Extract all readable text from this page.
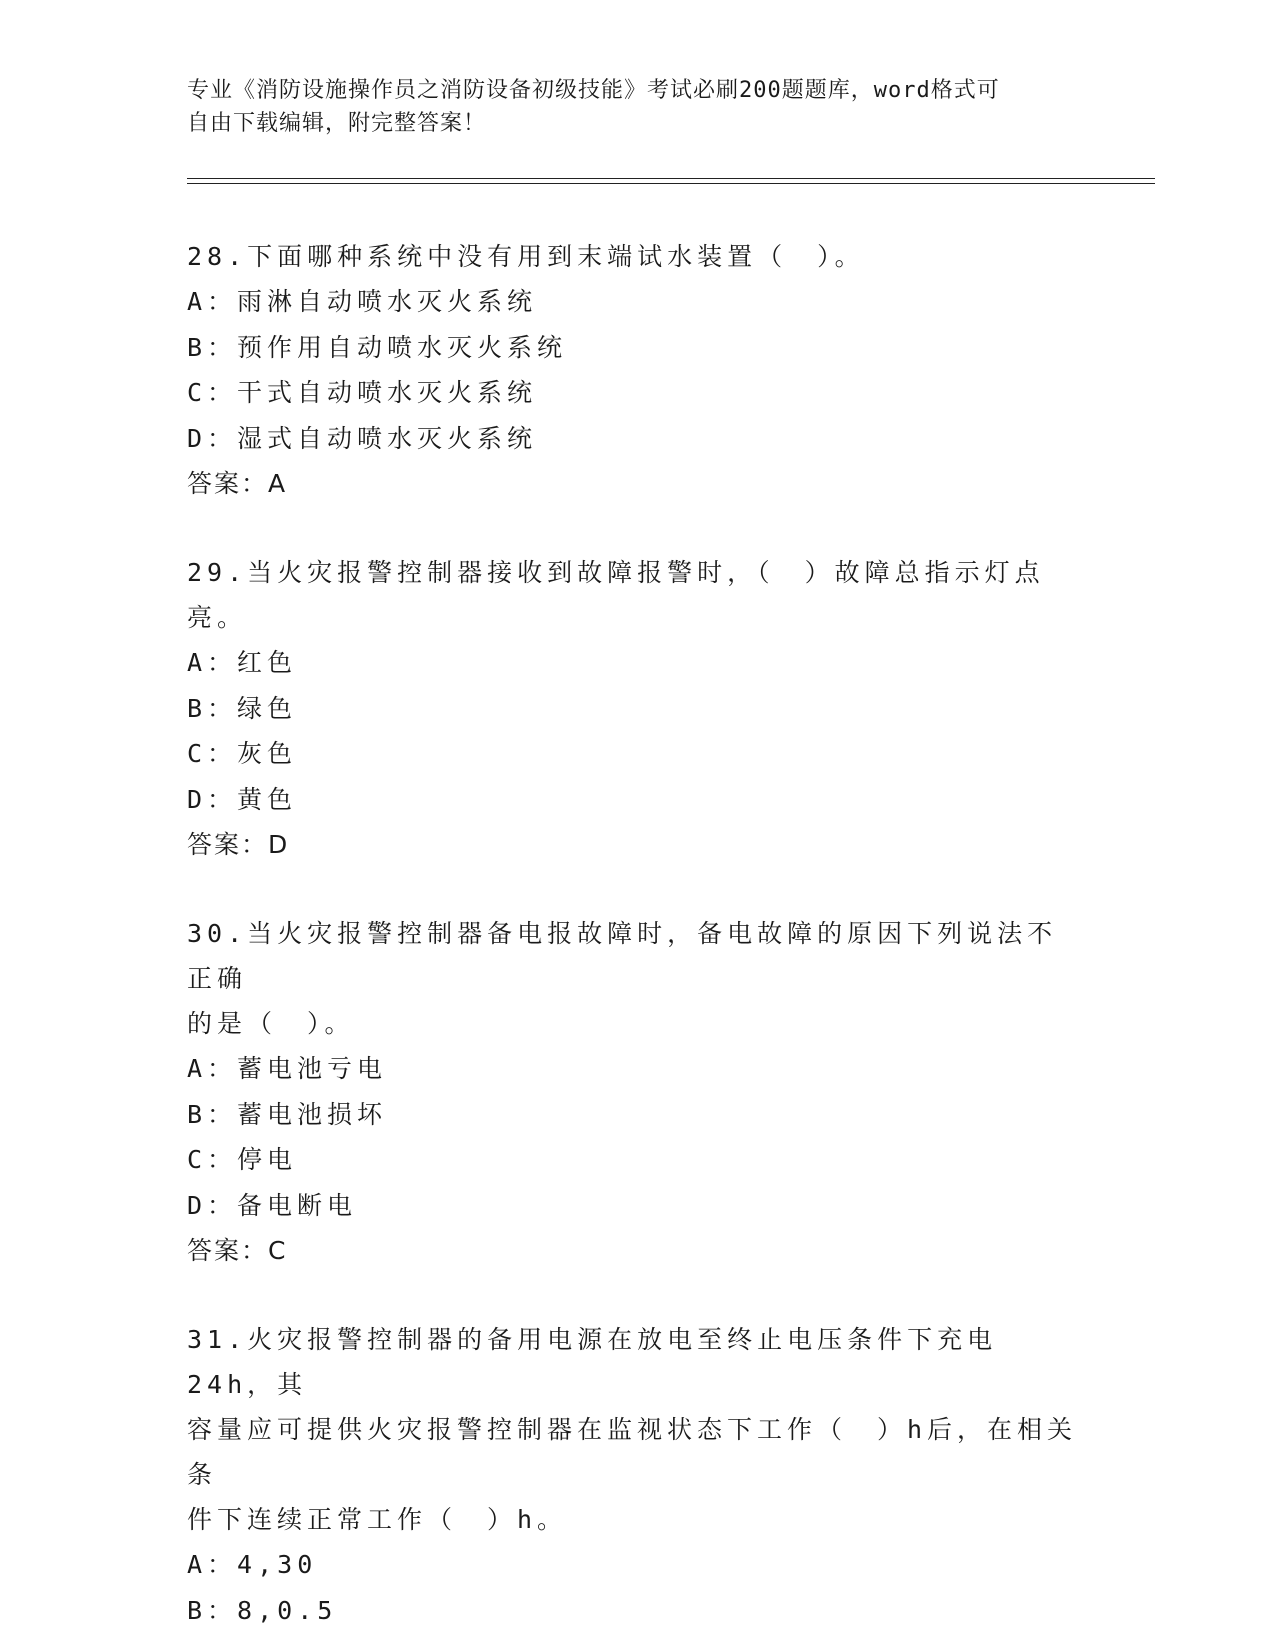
专业《消防设施操作员之消防设备初级技能》考试必刷200题题库，word格式可
自由下载编辑，附完整答案！
28.下面哪种系统中没有用到末端试水装置（　）。
A：雨淋自动喷水灭火系统
B：预作用自动喷水灭火系统
C：干式自动喷水灭火系统
D：湿式自动喷水灭火系统
答案：A
29.当火灾报警控制器接收到故障报警时，（　）故障总指示灯点亮。
A：红色
B：绿色
C：灰色
D：黄色
答案：D
30.当火灾报警控制器备电报故障时，备电故障的原因下列说法不正确
的是（　）。
A：蓄电池亏电
B：蓄电池损坏
C：停电
D：备电断电
答案：C
31.火灾报警控制器的备用电源在放电至终止电压条件下充电24h，其
容量应可提供火灾报警控制器在监视状态下工作（　）h后，在相关条
件下连续正常工作（　）h。
A：4,30
B：8,0.5
